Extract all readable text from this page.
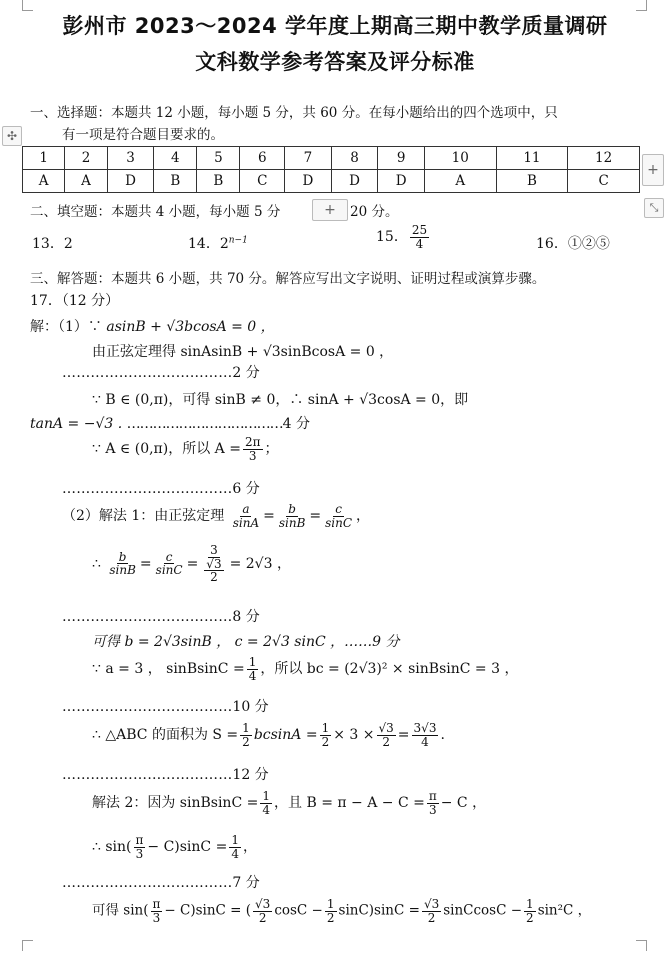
彭州市 2023～2024 学年度上期高三期中教学质量调研
文科数学参考答案及评分标准
一、选择题：本题共 12 小题，每小题 5 分，共 60 分。在每小题给出的四个选项中，只
有一项是符合题目要求的。
✣
1	2	3	4	5	6	7	8	9	10	11	12
A	A	D	B	B	C	D	D	D	A	B	C
+
⤡
二、填空题：本题共 4 小题，每小题 5 分	+	20 分。
13．2	14．$2^{n-1}$	15． $\frac{25}{4}$	16．①②⑤
三、解答题：本题共 6 小题，共 70 分。解答应写出文字说明、证明过程或演算步骤。
17．（12 分）
解：（1）∵ asinB + √3bcosA = 0 ，
由正弦定理得 sinAsinB + √3sinBcosA = 0 ，
………………………………2 分
∵ B ∈ (0,π)，可得 sinB ≠ 0，∴ sinA + √3cosA = 0，即
tanA = −√3 . ………………………………4 分
∵ A ∈ (0,π)，所以 $A = \frac{2\pi}{3}$ ；
………………………………6 分
（2）解法 1：由正弦定理 $\frac{a}{\sin A} = \frac{b}{\sin B} = \frac{c}{\sin C}$ ，
∴ $\frac{b}{\sin B} = \frac{c}{\sin C} = \frac{3}{\frac{√3}{2}} = 2√3$ ，
………………………………8 分
可得 b = 2√3sinB ， c = 2√3 sinC ，……9 分
∵ a = 3 ， sinBsinC = $\frac{1}{4}$ ，所以 bc = (2√3)² × sinBsinC = 3 ，
………………………………10 分
∴ △ABC 的面积为 $S = \frac{1}{2}$ $bcsinA = \frac{1}{2} \times 3 \times \frac{√3}{2} = \frac{3√3}{4}$ .
………………………………12 分
解法 2：因为 sinBsinC = $\frac{1}{4}$ ，且 $B = \pi - A - C = \frac{\pi}{3} - C$ ，
∴ $\sin( \frac{\pi}{3} - C)\sin C = \frac{1}{4}$ ，
………………………………7 分
可得 $\sin( \frac{\pi}{3} - C)\sin C$ = ( $\frac{√3}{2}$ $\cos C - \frac{1}{2} \sin C)\sin C = \frac{√3}{2}$ sinCcosC − $\frac{1}{2} \sin^2C$ ，
